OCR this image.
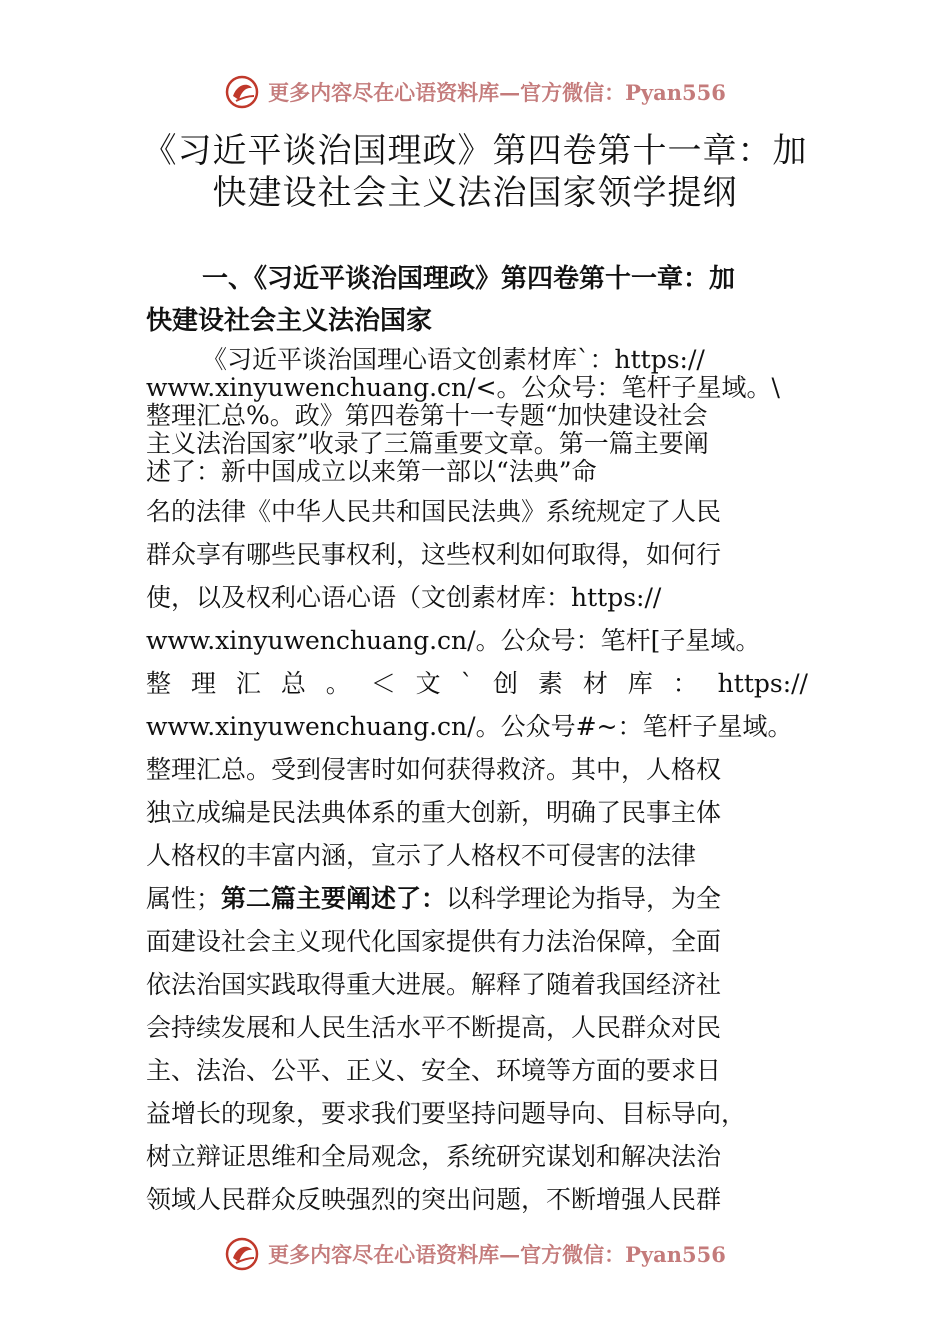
更多内容尽在心语资料库—官方微信：Pyan556
《习近平谈治国理政》第四卷第十一章：加
快建设社会主义法治国家领学提纲
一、《习近平谈治国理政》第四卷第十一章：加
快建设社会主义法治国家
《习近平谈治国理心语文创素材库`：https://
www.xinyuwenchuang.cn/<。公众号：笔杆子星域。\
整理汇总%。政》第四卷第十一专题“加快建设社会
主义法治国家”收录了三篇重要文章。第一篇主要阐
述了：新中国成立以来第一部以“法典”命
名的法律《中华人民共和国民法典》系统规定了人民
群众享有哪些民事权利，这些权利如何取得，如何行
使，以及权利心语心语（文创素材库：https://
www.xinyuwenchuang.cn/。公众号：笔杆[子星域。
整 理 汇 总 。 ＜ 文 ` 创 素 材 库 ： https://
www.xinyuwenchuang.cn/。公众号#~：笔杆子星域。
整理汇总。受到侵害时如何获得救济。其中，人格权
独立成编是民法典体系的重大创新，明确了民事主体
人格权的丰富内涵，宣示了人格权不可侵害的法律
属性；第二篇主要阐述了：以科学理论为指导，为全
面建设社会主义现代化国家提供有力法治保障，全面
依法治国实践取得重大进展。解释了随着我国经济社
会持续发展和人民生活水平不断提高，人民群众对民
主、法治、公平、正义、安全、环境等方面的要求日
益增长的现象，要求我们要坚持问题导向、目标导向，
树立辩证思维和全局观念，系统研究谋划和解决法治
领域人民群众反映强烈的突出问题，不断增强人民群
更多内容尽在心语资料库—官方微信：Pyan556
